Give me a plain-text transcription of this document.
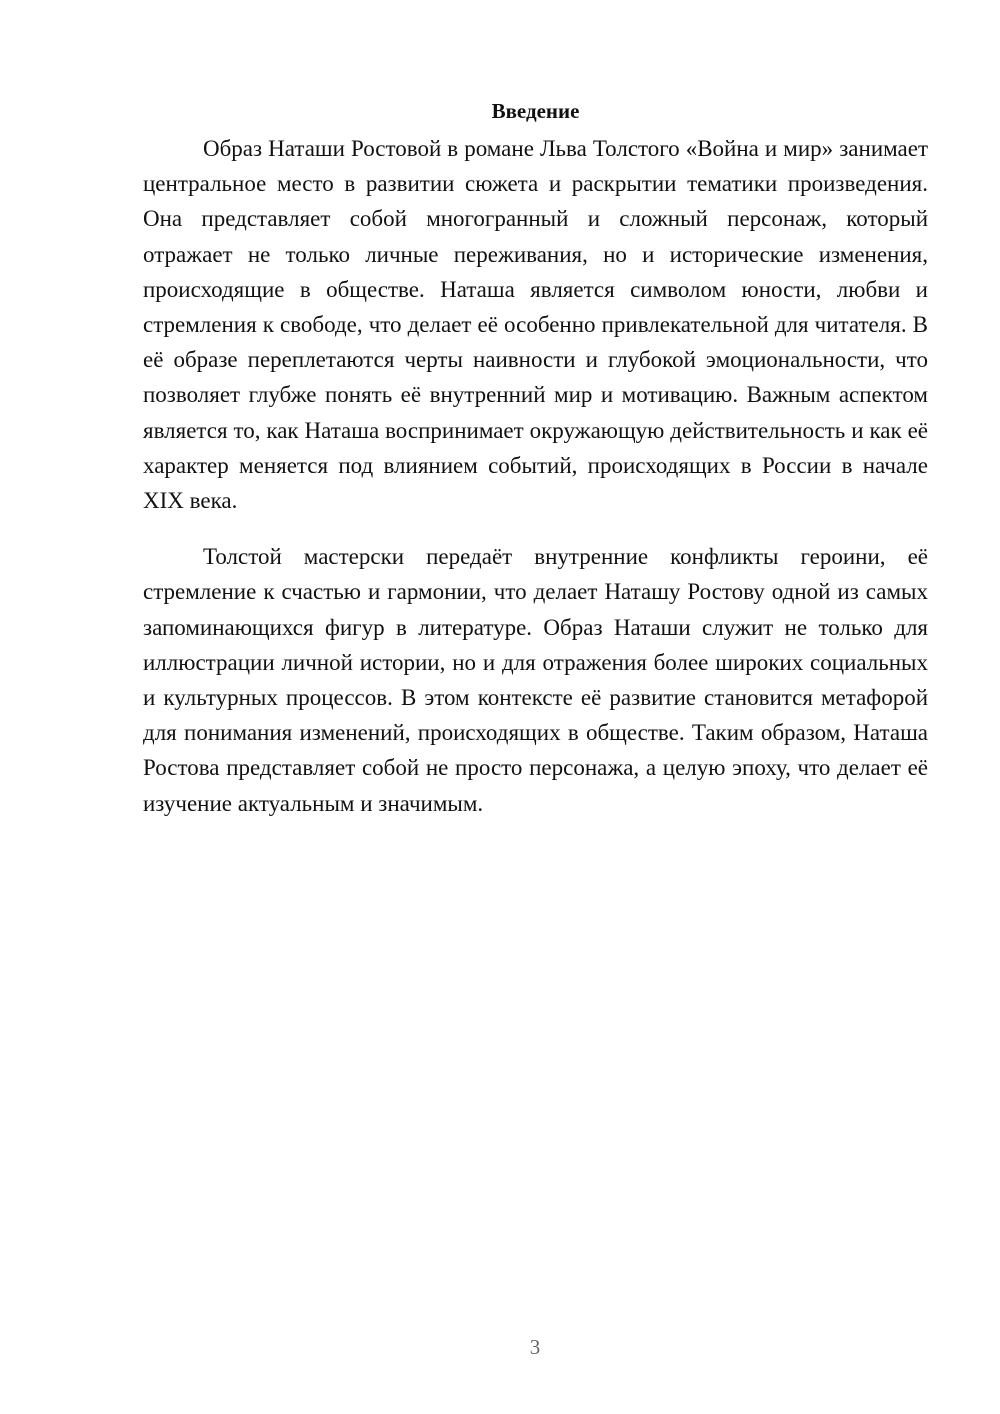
Введение

Образ Наташи Ростовой в романе Льва Толстого «Война и мир» занимает центральное место в развитии сюжета и раскрытии тематики произведения. Она представляет собой многогранный и сложный персонаж, который отражает не только личные переживания, но и исторические изменения, происходящие в обществе. Наташа является символом юности, любви и стремления к свободе, что делает её особенно привлекательной для читателя. В её образе переплетаются черты наивности и глубокой эмоциональности, что позволяет глубже понять её внутренний мир и мотивацию. Важным аспектом является то, как Наташа воспринимает окружающую действительность и как её характер меняется под влиянием событий, происходящих в России в начале XIX века.

Толстой мастерски передаёт внутренние конфликты героини, её стремление к счастью и гармонии, что делает Наташу Ростову одной из самых запоминающихся фигур в литературе. Образ Наташи служит не только для иллюстрации личной истории, но и для отражения более широких социальных и культурных процессов. В этом контексте её развитие становится метафорой для понимания изменений, происходящих в обществе. Таким образом, Наташа Ростова представляет собой не просто персонажа, а целую эпоху, что делает её изучение актуальным и значимым.

3
